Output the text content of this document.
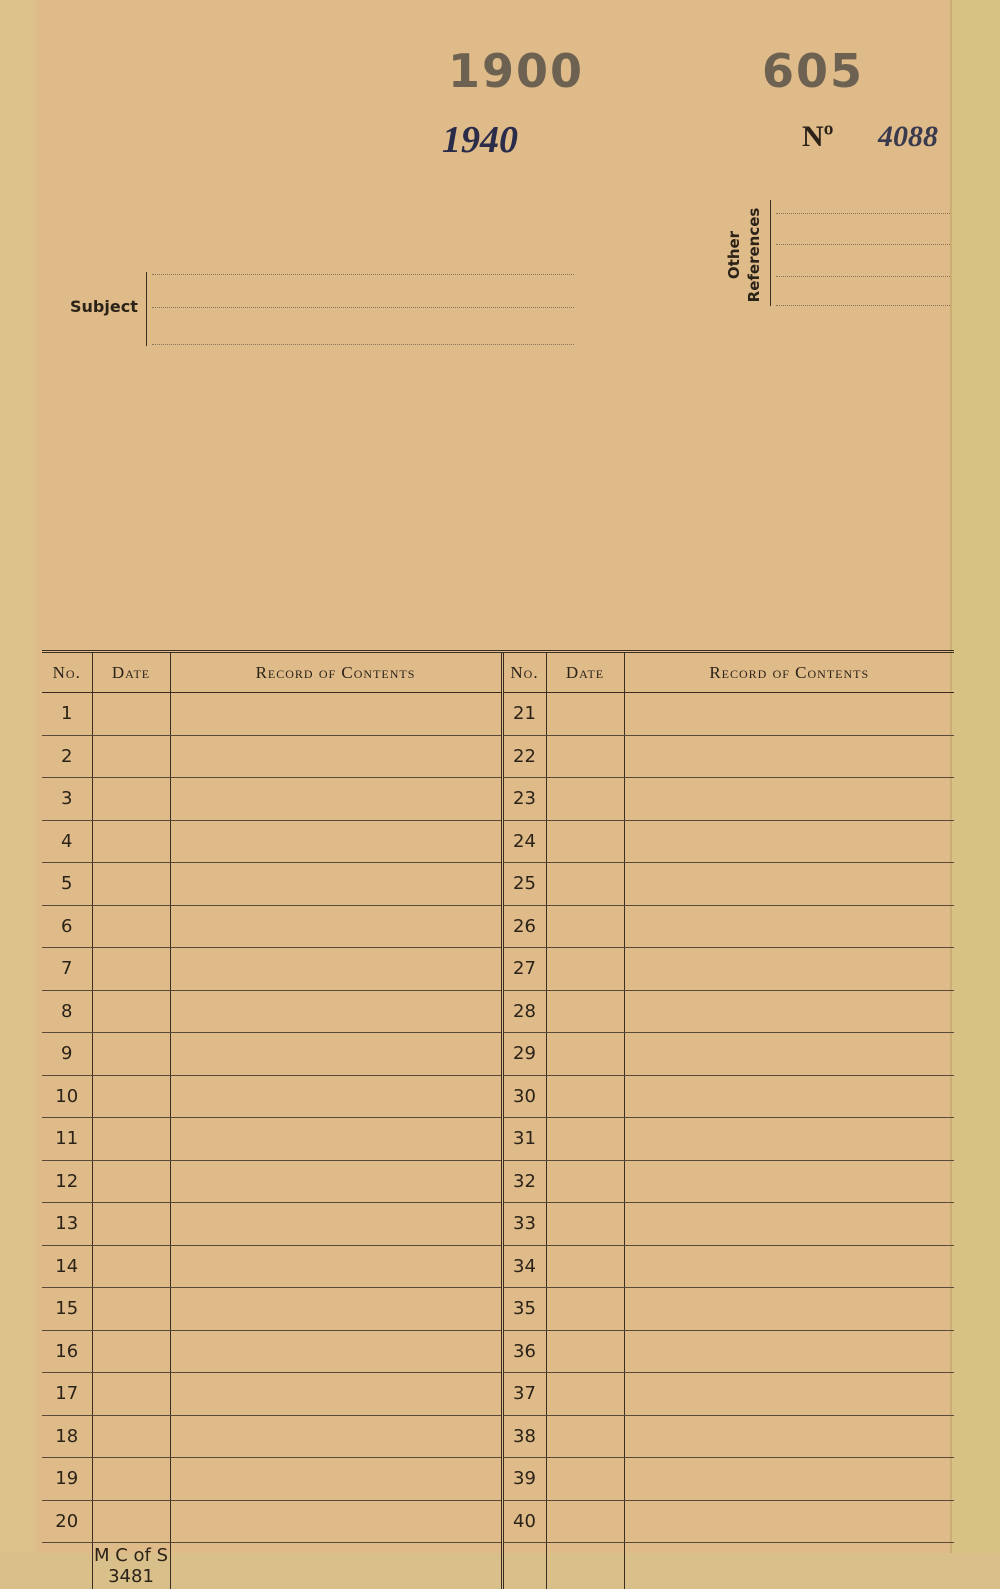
1900	605
1940	Nº 4088
Subject
Other References
No.	Date	Record of Contents	No.	Date	Record of Contents
1			21		
2			22		
3			23		
4			24		
5			25		
6			26		
7			27		
8			28		
9			29		
10			30		
11			31		
12			32		
13			33		
14			34		
15			35		
16			36		
17			37		
18			38		
19			39		
20			40		
	M C of S 3481				
